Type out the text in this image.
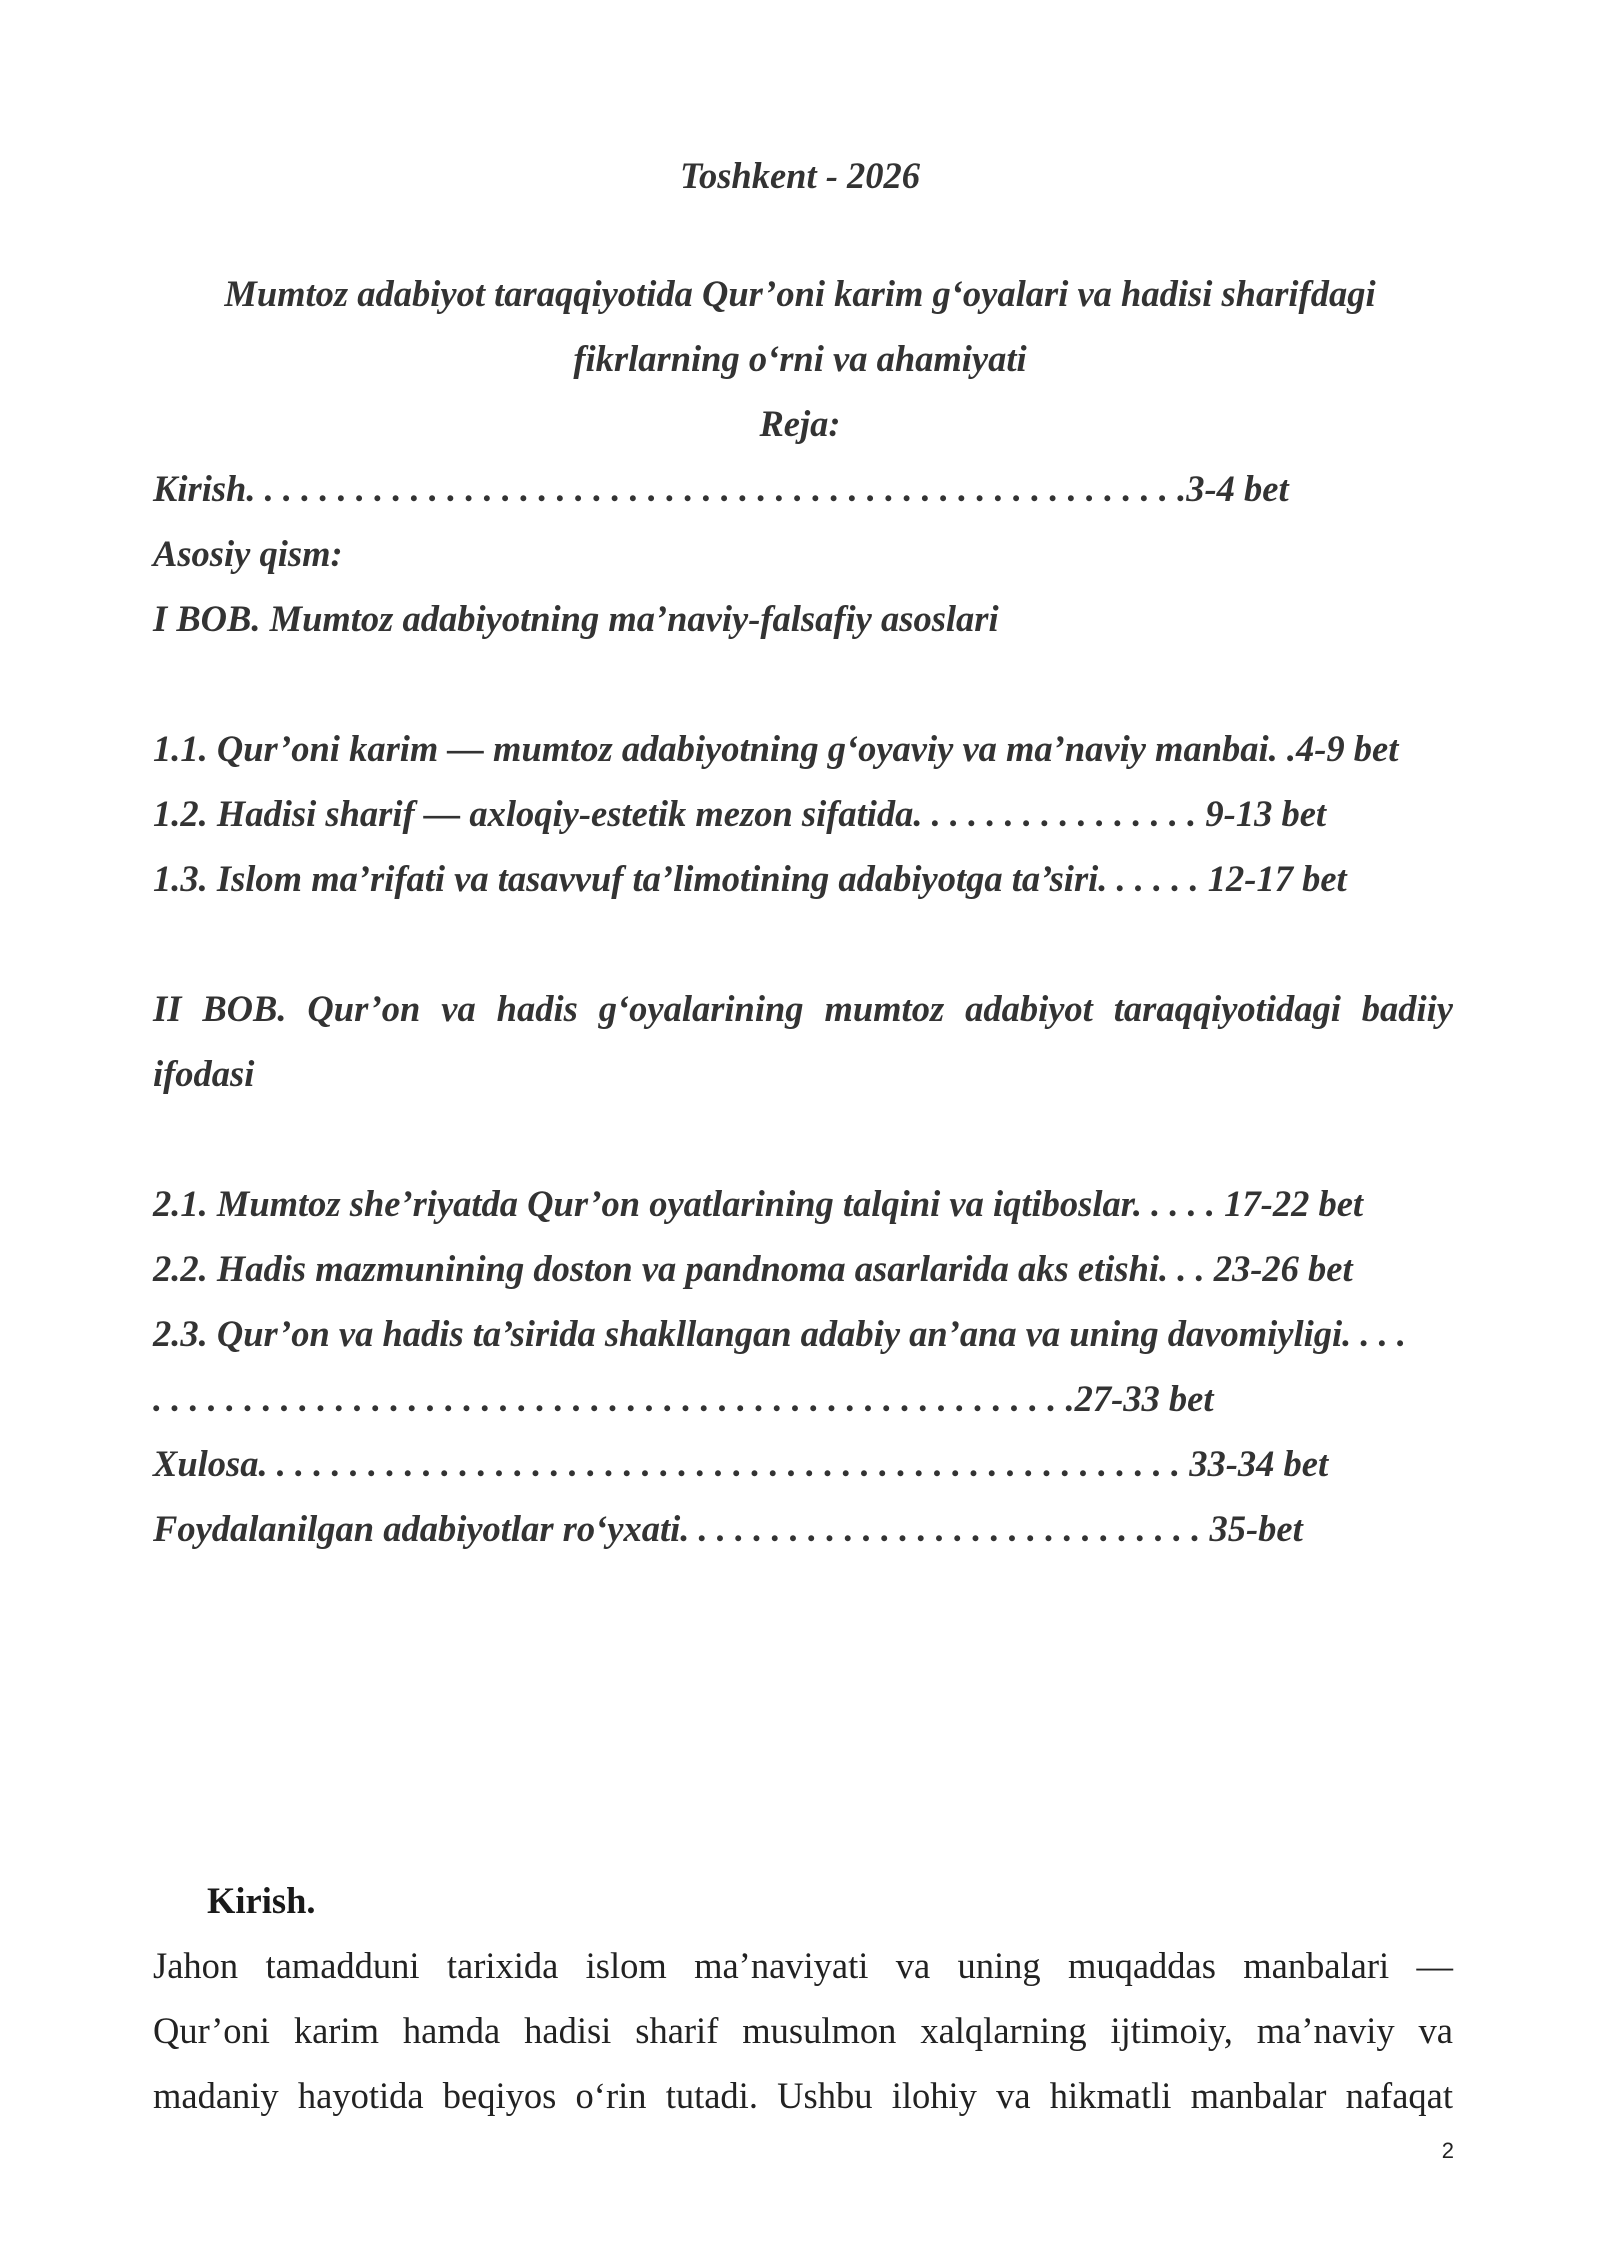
Toshkent - 2026
Mumtoz adabiyot taraqqiyotida Qur’oni karim g‘oyalari va hadisi sharifdagi
fikrlarning o‘rni va ahamiyati
Reja:
Kirish. . . . . . . . . . . . . . . . . . . . . . . . . . . . . . . . . . . . . . . . . . . . . . . . . . . .3-4 bet
Asosiy qism:
I BOB. Mumtoz adabiyotning ma’naviy-falsafiy asoslari
1.1. Qur’oni karim — mumtoz adabiyotning g‘oyaviy va ma’naviy manbai. .4-9 bet
1.2. Hadisi sharif — axloqiy-estetik mezon sifatida. . . . . . . . . . . . . . . . 9-13 bet
1.3. Islom ma’rifati va tasavvuf ta’limotining adabiyotga ta’siri. . . . . . 12-17 bet
II BOB. Qur’on va hadis g‘oyalarining mumtoz adabiyot taraqqiyotidagi badiiy
ifodasi
2.1. Mumtoz she’riyatda Qur’on oyatlarining talqini va iqtiboslar. . . . . 17-22 bet
2.2. Hadis mazmunining doston va pandnoma asarlarida aks etishi. . . 23-26 bet
2.3. Qur’on va hadis ta’sirida shakllangan adabiy an’ana va uning davomiyligi. . . .
. . . . . . . . . . . . . . . . . . . . . . . . . . . . . . . . . . . . . . . . . . . . . . . . . . .27-33 bet
Xulosa. . . . . . . . . . . . . . . . . . . . . . . . . . . . . . . . . . . . . . . . . . . . . . . . . . . 33-34 bet
Foydalanilgan adabiyotlar ro‘yxati. . . . . . . . . . . . . . . . . . . . . . . . . . . . . 35-bet
Kirish.
Jahon tamadduni tarixida islom ma’naviyati va uning muqaddas manbalari —
Qur’oni karim hamda hadisi sharif musulmon xalqlarning ijtimoiy, ma’naviy va
madaniy hayotida beqiyos o‘rin tutadi. Ushbu ilohiy va hikmatli manbalar nafaqat
2
